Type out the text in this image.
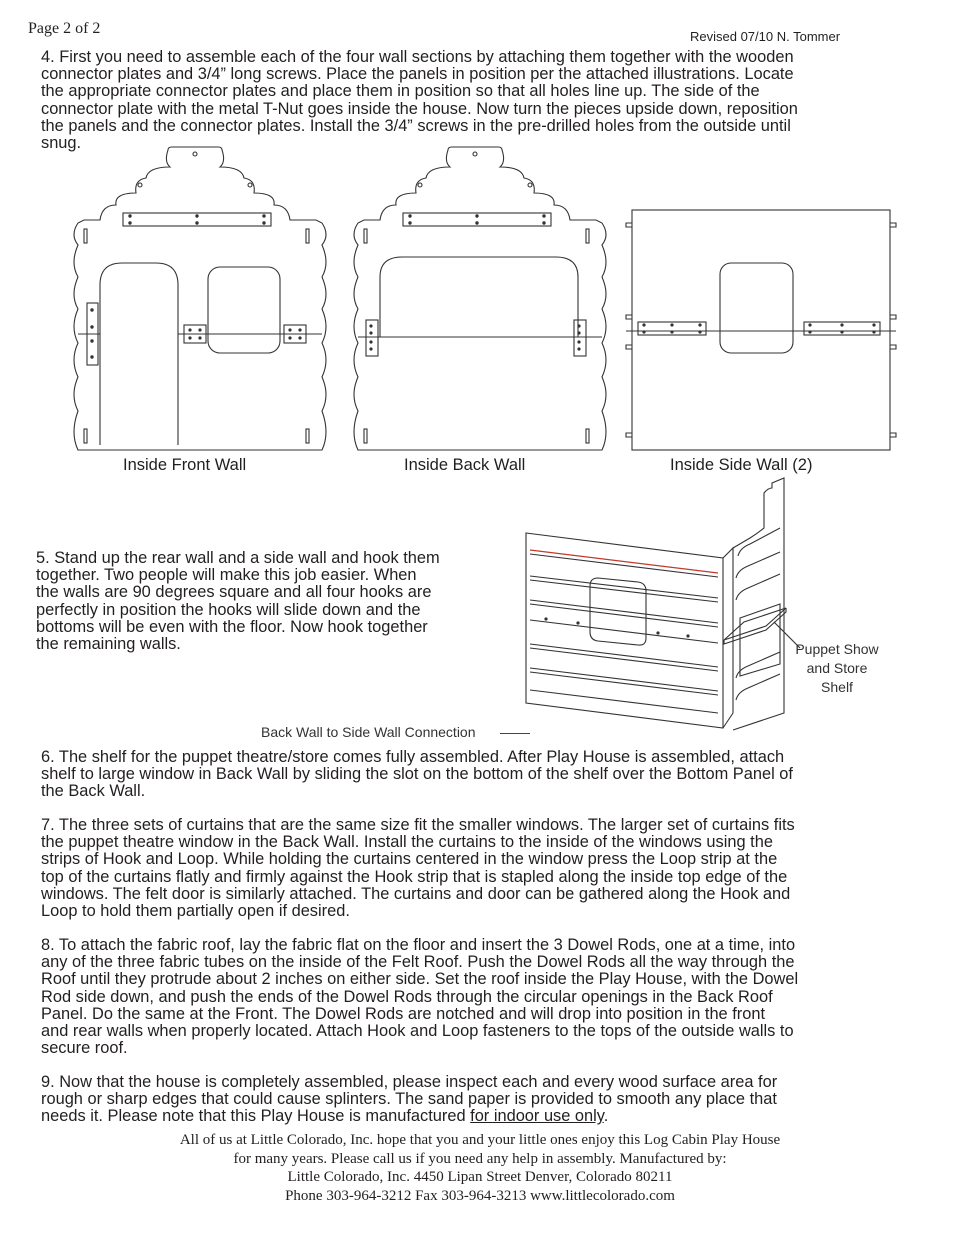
Page 2 of 2	Revised 07/10 N. Tommer

4. First you need to assemble each of the four wall sections by attaching them together with the wooden
connector plates and 3/4” long screws. Place the panels in position per the attached illustrations. Locate
the appropriate connector plates and place them in position so that all holes line up. The side of the
connector plate with the metal T-Nut goes inside the house. Now turn the pieces upside down, reposition
the panels and the connector plates. Install the 3/4” screws in the pre-drilled holes from the outside until
snug.

Inside Front Wall	Inside Back Wall	Inside Side Wall (2)

5. Stand up the rear wall and a side wall and hook them
together. Two people will make this job easier. When
the walls are 90 degrees square and all four hooks are
perfectly in position the hooks will slide down and the
bottoms will be even with the floor. Now hook together
the remaining walls.	Puppet Show
and Store
Shelf
Back Wall to Side Wall Connection

6. The shelf for the puppet theatre/store comes fully assembled. After Play House is assembled, attach
shelf to large window in Back Wall by sliding the slot on the bottom of the shelf over the Bottom Panel of
the Back Wall.

7. The three sets of curtains that are the same size fit the smaller windows. The larger set of curtains fits
the puppet theatre window in the Back Wall. Install the curtains to the inside of the windows using the
strips of Hook and Loop. While holding the curtains centered in the window press the Loop strip at the
top of the curtains flatly and firmly against the Hook strip that is stapled along the inside top edge of the
windows. The felt door is similarly attached. The curtains and door can be gathered along the Hook and
Loop to hold them partially open if desired.

8. To attach the fabric roof, lay the fabric flat on the floor and insert the 3 Dowel Rods, one at a time, into
any of the three fabric tubes on the inside of the Felt Roof. Push the Dowel Rods all the way through the
Roof until they protrude about 2 inches on either side. Set the roof inside the Play House, with the Dowel
Rod side down, and push the ends of the Dowel Rods through the circular openings in the Back Roof
Panel. Do the same at the Front. The Dowel Rods are notched and will drop into position in the front
and rear walls when properly located. Attach Hook and Loop fasteners to the tops of the outside walls to
secure roof.

9. Now that the house is completely assembled, please inspect each and every wood surface area for
rough or sharp edges that could cause splinters. The sand paper is provided to smooth any place that
needs it. Please note that this Play House is manufactured for indoor use only.

All of us at Little Colorado, Inc. hope that you and your little ones enjoy this Log Cabin Play House
for many years. Please call us if you need any help in assembly. Manufactured by:
Little Colorado, Inc. 4450 Lipan Street Denver, Colorado 80211
Phone 303-964-3212 Fax 303-964-3213 www.littlecolorado.com
